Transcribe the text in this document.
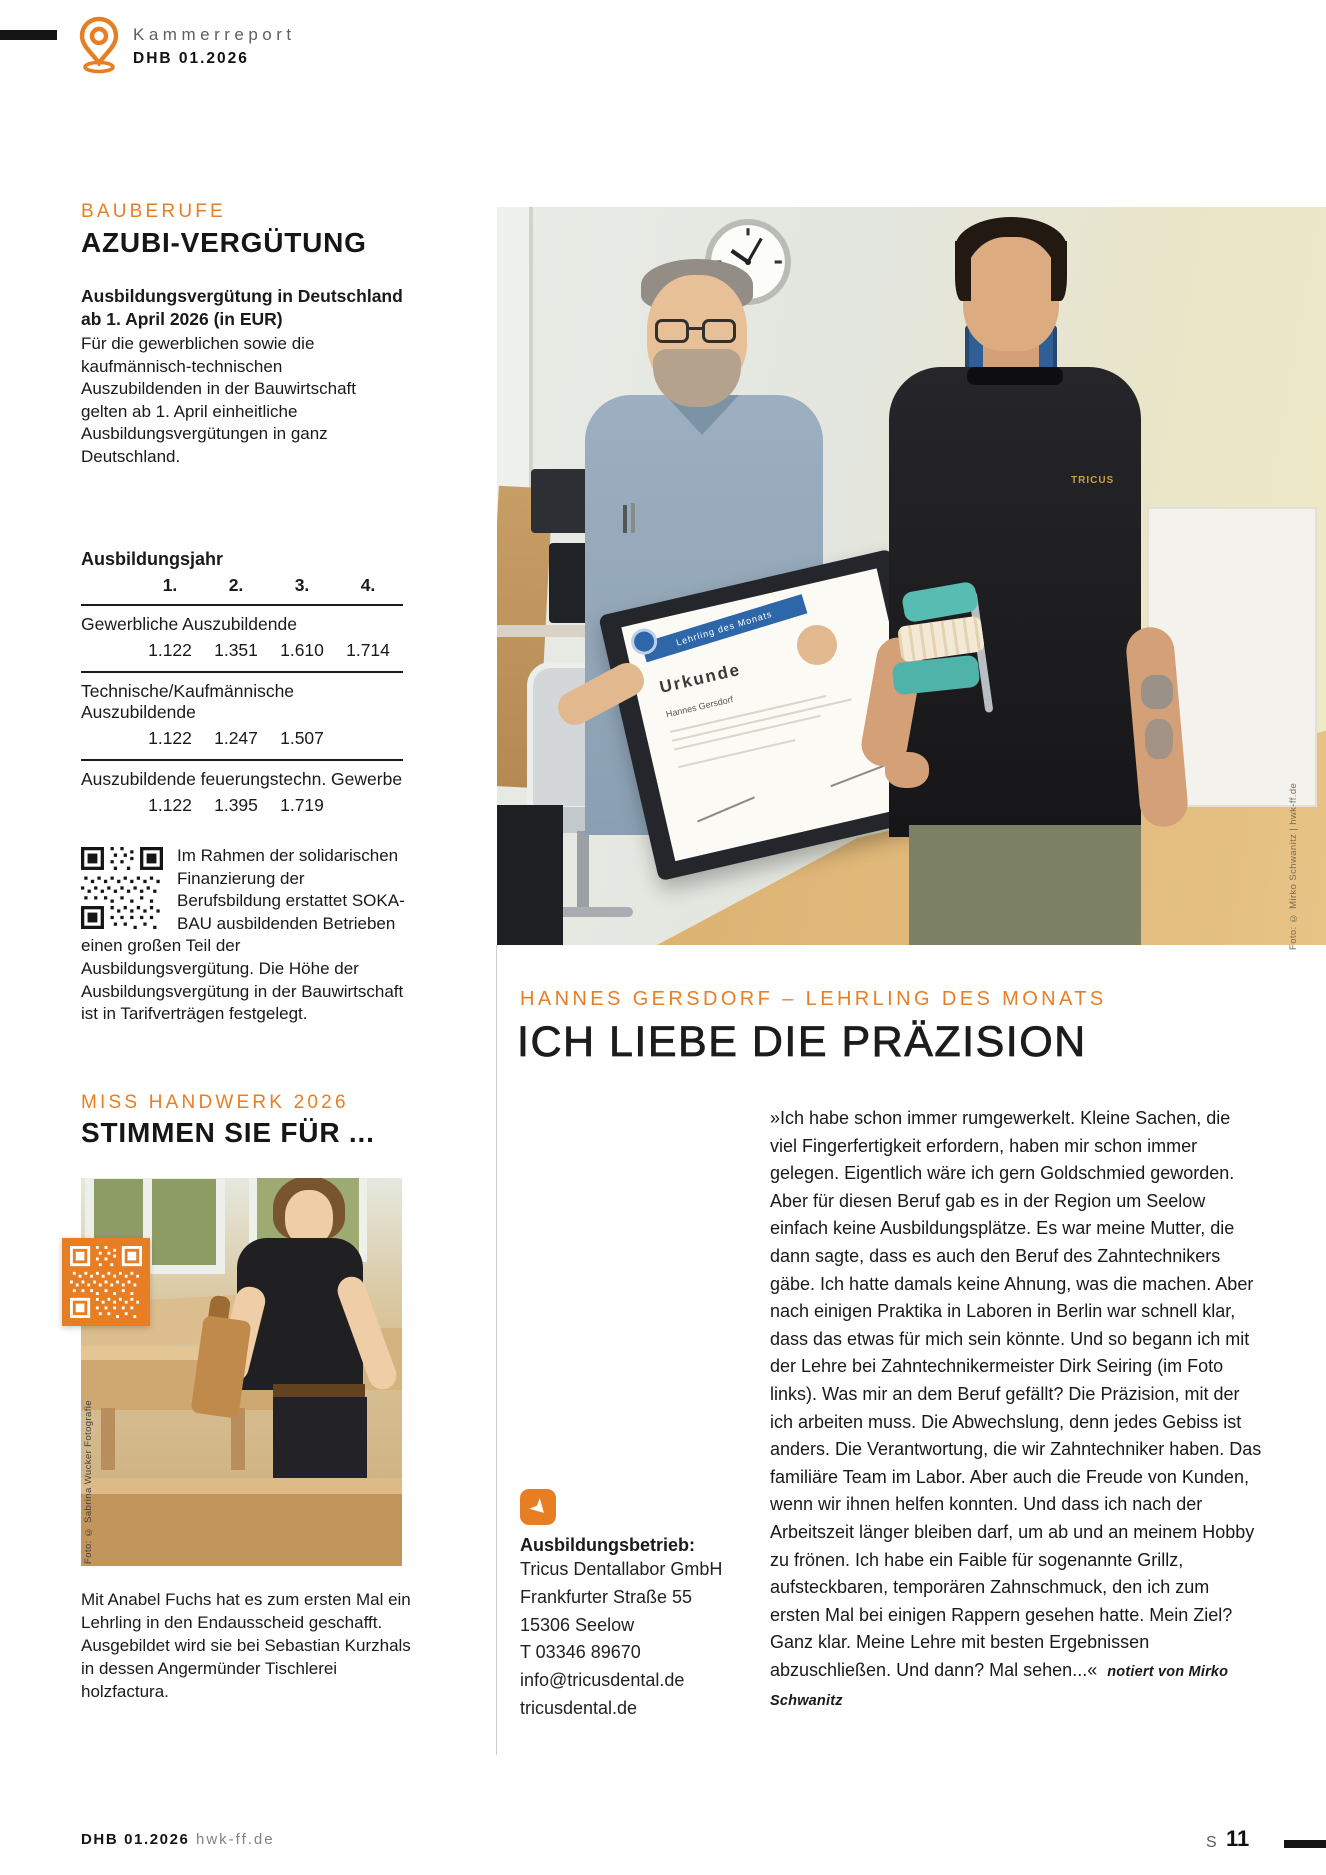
Kammerreport
DHB 01.2026
BAUBERUFE
AZUBI-VERGÜTUNG
Ausbildungsvergütung in Deutschland ab 1. April 2026 (in EUR)
Für die gewerblichen sowie die kaufmännisch-technischen Auszubildenden in der Bauwirtschaft gelten ab 1. April einheitliche Ausbildungsvergütungen in ganz Deutschland.
Ausbildungsjahr
1.	2.	3.	4.
Gewerbliche Auszubildende
1.122	1.351	1.610	1.714
Technische/Kaufmännische Auszubildende
1.122	1.247	1.507
Auszubildende feuerungstechn. Gewerbe
1.122	1.395	1.719
Im Rahmen der solidarischen Finanzierung der Berufsbildung erstattet SOKA-BAU ausbildenden Betrieben einen großen Teil der Ausbildungsvergütung. Die Höhe der Ausbildungsvergütung in der Bauwirtschaft ist in Tarifverträgen festgelegt.
MISS HANDWERK 2026
STIMMEN SIE FÜR ...
Foto: © Sabrina Wucker Fotografie
Mit Anabel Fuchs hat es zum ersten Mal ein Lehrling in den Endausscheid geschafft. Ausgebildet wird sie bei Sebastian Kurzhals in dessen Angermünder Tischlerei holzfactura.
Lehrling des Monats
Urkunde
Hannes Gersdorf
TRICUS
Foto: © Mirko Schwanitz | hwk-ff.de
HANNES GERSDORF – LEHRLING DES MONATS
ICH LIEBE DIE PRÄZISION

»Ich habe schon immer rumgewerkelt. Kleine Sachen, die viel Fingerfertigkeit erfordern, haben mir schon immer gelegen. Eigentlich wäre ich gern Goldschmied geworden. Aber für diesen Beruf gab es in der Region um Seelow einfach keine Ausbildungsplätze. Es war meine Mutter, die dann sagte, dass es auch den Beruf des Zahntechnikers gäbe. Ich hatte damals keine Ahnung, was die machen. Aber nach einigen Praktika in Laboren in Berlin war schnell klar, dass das etwas für mich sein könnte. Und so begann ich mit der Lehre bei Zahntechnikermeister Dirk Seiring (im Foto links). Was mir an dem Beruf gefällt? Die Präzision, mit der ich arbeiten muss. Die Abwechslung, denn jedes Gebiss ist anders. Die Verantwortung, die wir Zahntechniker haben. Das familiäre Team im Labor. Aber auch die Freude von Kunden, wenn wir ihnen helfen konnten. Und dass ich nach der Arbeitszeit länger bleiben darf, um ab und an meinem Hobby zu frönen. Ich habe ein Faible für sogenannte Grillz, aufsteckbaren, temporären Zahnschmuck, den ich zum ersten Mal bei einigen Rappern gesehen hatte. Mein Ziel? Ganz klar. Meine Lehre mit besten Ergebnissen abzuschließen. Und dann? Mal sehen...« notiert von Mirko Schwanitz

Ausbildungsbetrieb:
Tricus Dentallabor GmbH
Frankfurter Straße 55
15306 Seelow
T 03346 89670
info@tricusdental.de
tricusdental.de
DHB 01.2026 hwk-ff.de	S 11
